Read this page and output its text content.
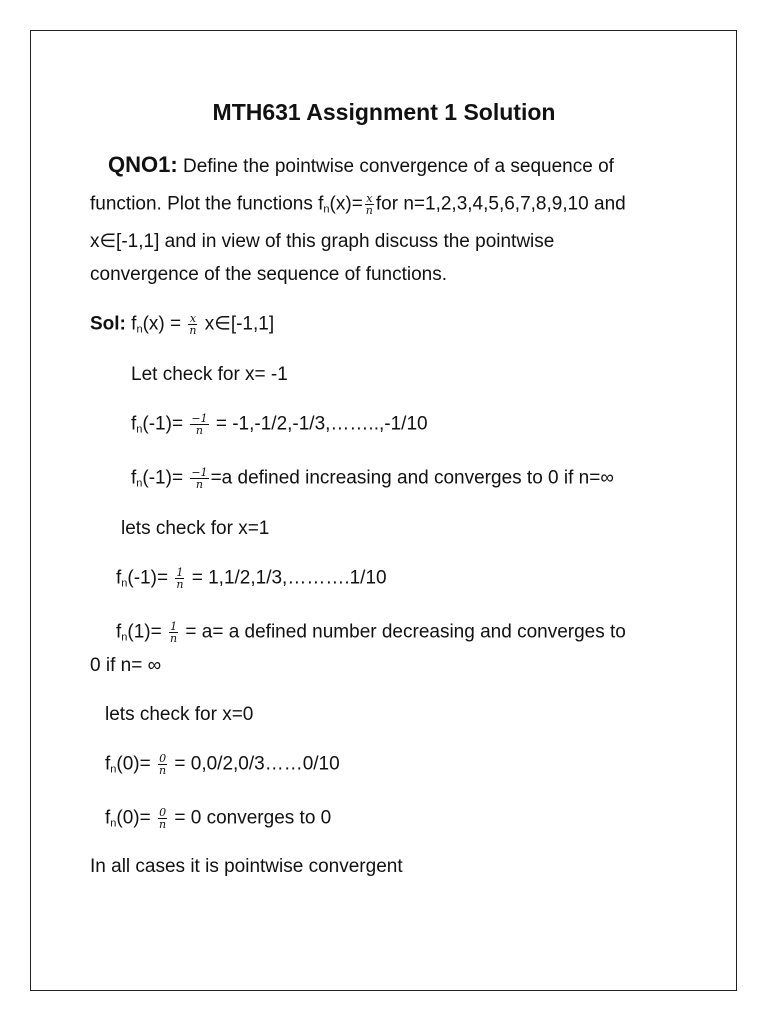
MTH631 Assignment 1 Solution
QNO1: Define the pointwise convergence of a sequence of
function. Plot the functions $f_n(x)= \frac{x}{n}$ for n=1,2,3,4,5,6,7,8,9,10 and
x∈[-1,1] and in view of this graph discuss the pointwise
convergence of the sequence of functions.
Sol: $f_n(x) = \frac{x}{n}$ x∈[-1,1]
Let check for x= -1
$f_n(-1)= \frac{-1}{n}$ = -1,-1/2,-1/3,……..,-1/10
$f_n(-1)= \frac{-1}{n} =a$ defined increasing and converges to 0 if n=∞
lets check for x=1
$f_n(-1)= \frac{1}{n}$ = 1,1/2,1/3,……….1/10
$f_n(1)= \frac{1}{n} = a= a$ defined number decreasing and converges to
0 if n= ∞
lets check for x=0
$f_n(0)= \frac{0}{n}$ = 0,0/2,0/3……0/10
$f_n(0)= \frac{0}{n} = 0$ converges to 0
In all cases it is pointwise convergent
